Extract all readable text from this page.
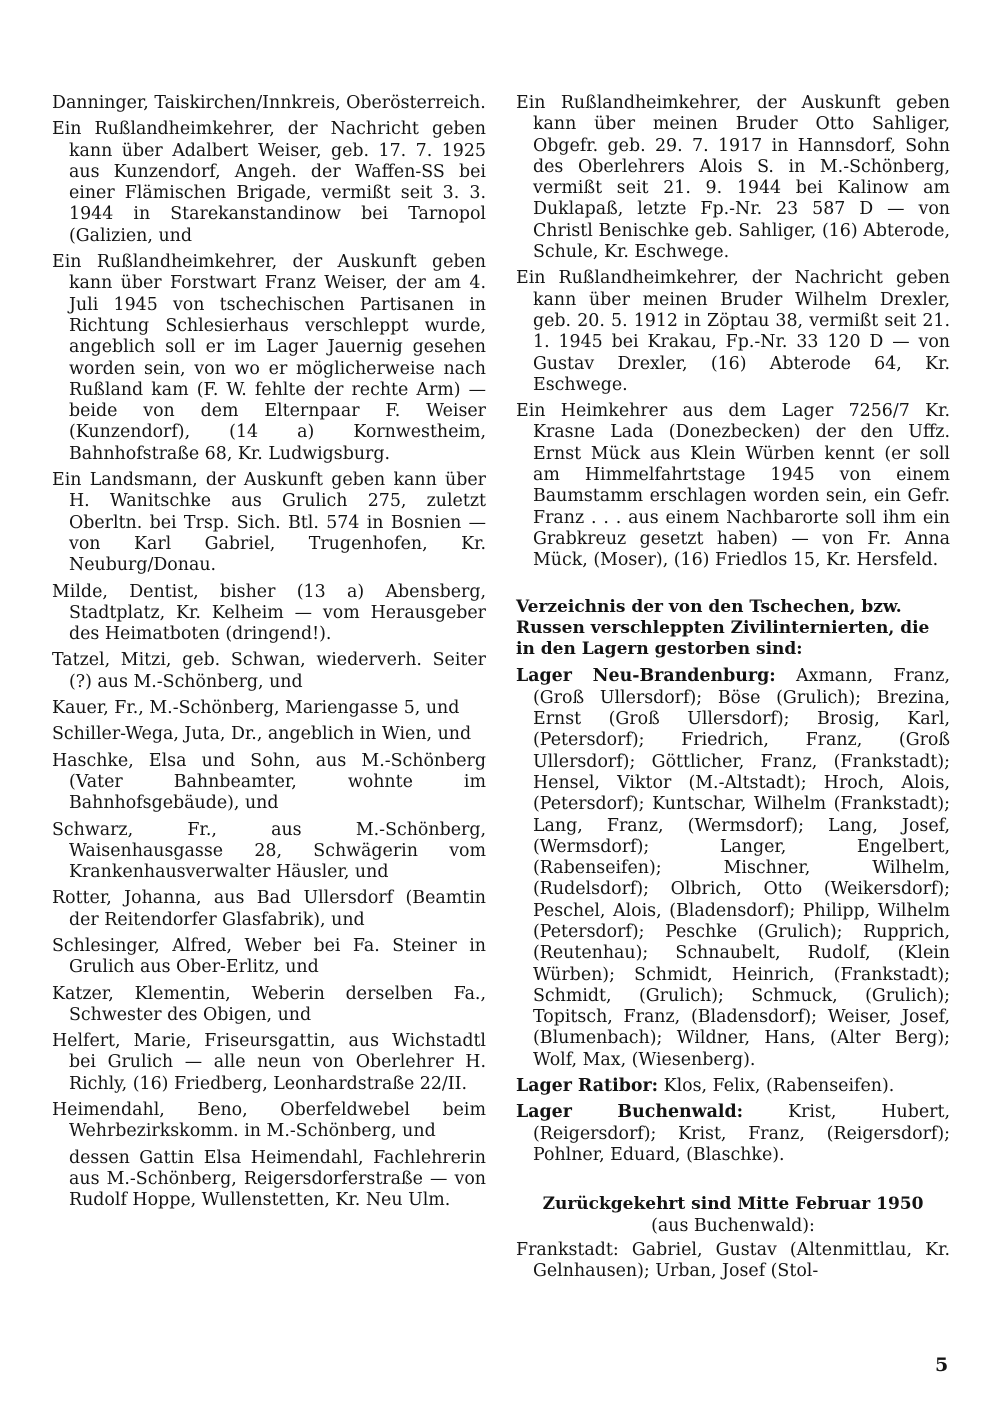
Danninger, Taiskirchen/Innkreis, Oberösterreich.

Ein Rußlandheimkehrer, der Nachricht geben kann über Adalbert Weiser, geb. 17. 7. 1925 aus Kunzendorf, Angeh. der Waffen-SS bei einer Flämischen Brigade, vermißt seit 3. 3. 1944 in Starekanstandinow bei Tarnopol (Galizien, und

Ein Rußlandheimkehrer, der Auskunft geben kann über Forstwart Franz Weiser, der am 4. Juli 1945 von tschechischen Partisanen in Richtung Schlesierhaus verschleppt wurde, angeblich soll er im Lager Jauernig gesehen worden sein, von wo er möglicherweise nach Rußland kam (F. W. fehlte der rechte Arm) — beide von dem Elternpaar F. Weiser (Kunzendorf), (14 a) Kornwestheim, Bahnhofstraße 68, Kr. Ludwigsburg.

Ein Landsmann, der Auskunft geben kann über H. Wanitschke aus Grulich 275, zuletzt Oberltn. bei Trsp. Sich. Btl. 574 in Bosnien — von Karl Gabriel, Trugenhofen, Kr. Neuburg/Donau.

Milde, Dentist, bisher (13 a) Abensberg, Stadtplatz, Kr. Kelheim — vom Herausgeber des Heimatboten (dringend!).

Tatzel, Mitzi, geb. Schwan, wiederverh. Seiter (?) aus M.-Schönberg, und

Kauer, Fr., M.-Schönberg, Mariengasse 5, und

Schiller-Wega, Juta, Dr., angeblich in Wien, und

Haschke, Elsa und Sohn, aus M.-Schönberg (Vater Bahnbeamter, wohnte im Bahnhofsgebäude), und

Schwarz, Fr., aus M.-Schönberg, Waisenhausgasse 28, Schwägerin vom Krankenhausverwalter Häusler, und

Rotter, Johanna, aus Bad Ullersdorf (Beamtin der Reitendorfer Glasfabrik), und

Schlesinger, Alfred, Weber bei Fa. Steiner in Grulich aus Ober-Erlitz, und

Katzer, Klementin, Weberin derselben Fa., Schwester des Obigen, und

Helfert, Marie, Friseursgattin, aus Wichstadtl bei Grulich — alle neun von Oberlehrer H. Richly, (16) Friedberg, Leonhardstraße 22/II.

Heimendahl, Beno, Oberfeldwebel beim Wehrbezirkskomm. in M.-Schönberg, und

dessen Gattin Elsa Heimendahl, Fachlehrerin aus M.-Schönberg, Reigersdorferstraße — von Rudolf Hoppe, Wullenstetten, Kr. Neu Ulm.

Ein Rußlandheimkehrer, der Auskunft geben kann über meinen Bruder Otto Sahliger, Obgefr. geb. 29. 7. 1917 in Hannsdorf, Sohn des Oberlehrers Alois S. in M.-Schönberg, vermißt seit 21. 9. 1944 bei Kalinow am Duklapaß, letzte Fp.-Nr. 23 587 D — von Christl Benischke geb. Sahliger, (16) Abterode, Schule, Kr. Eschwege.

Ein Rußlandheimkehrer, der Nachricht geben kann über meinen Bruder Wilhelm Drexler, geb. 20. 5. 1912 in Zöptau 38, vermißt seit 21. 1. 1945 bei Krakau, Fp.-Nr. 33 120 D — von Gustav Drexler, (16) Abterode 64, Kr. Eschwege.

Ein Heimkehrer aus dem Lager 7256/7 Kr. Krasne Lada (Donezbecken) der den Uffz. Ernst Mück aus Klein Würben kennt (er soll am Himmelfahrtstage 1945 von einem Baumstamm erschlagen worden sein, ein Gefr. Franz . . . aus einem Nachbarorte soll ihm ein Grabkreuz gesetzt haben) — von Fr. Anna Mück, (Moser), (16) Friedlos 15, Kr. Hersfeld.

Verzeichnis der von den Tschechen, bzw. Russen verschleppten Zivilinternierten, die in den Lagern gestorben sind:

Lager Neu-Brandenburg: Axmann, Franz, (Groß Ullersdorf); Böse (Grulich); Brezina, Ernst (Groß Ullersdorf); Brosig, Karl, (Petersdorf); Friedrich, Franz, (Groß Ullersdorf); Göttlicher, Franz, (Frankstadt); Hensel, Viktor (M.-Altstadt); Hroch, Alois, (Petersdorf); Kuntschar, Wilhelm (Frankstadt); Lang, Franz, (Wermsdorf); Lang, Josef, (Wermsdorf); Langer, Engelbert, (Rabenseifen); Mischner, Wilhelm, (Rudelsdorf); Olbrich, Otto (Weikersdorf); Peschel, Alois, (Bladensdorf); Philipp, Wilhelm (Petersdorf); Peschke (Grulich); Rupprich, (Reutenhau); Schnaubelt, Rudolf, (Klein Würben); Schmidt, Heinrich, (Frankstadt); Schmidt, (Grulich); Schmuck, (Grulich); Topitsch, Franz, (Bladensdorf); Weiser, Josef, (Blumenbach); Wildner, Hans, (Alter Berg); Wolf, Max, (Wiesenberg).

Lager Ratibor: Klos, Felix, (Rabenseifen).

Lager Buchenwald:	Krist, Hubert, (Reigersdorf); Krist, Franz, (Reigersdorf); Pohlner, Eduard, (Blaschke).

Zurückgekehrt sind Mitte Februar 1950
(aus Buchenwald):

Frankstadt: Gabriel, Gustav (Altenmittlau, Kr. Gelnhausen); Urban, Josef (Stol-

5
